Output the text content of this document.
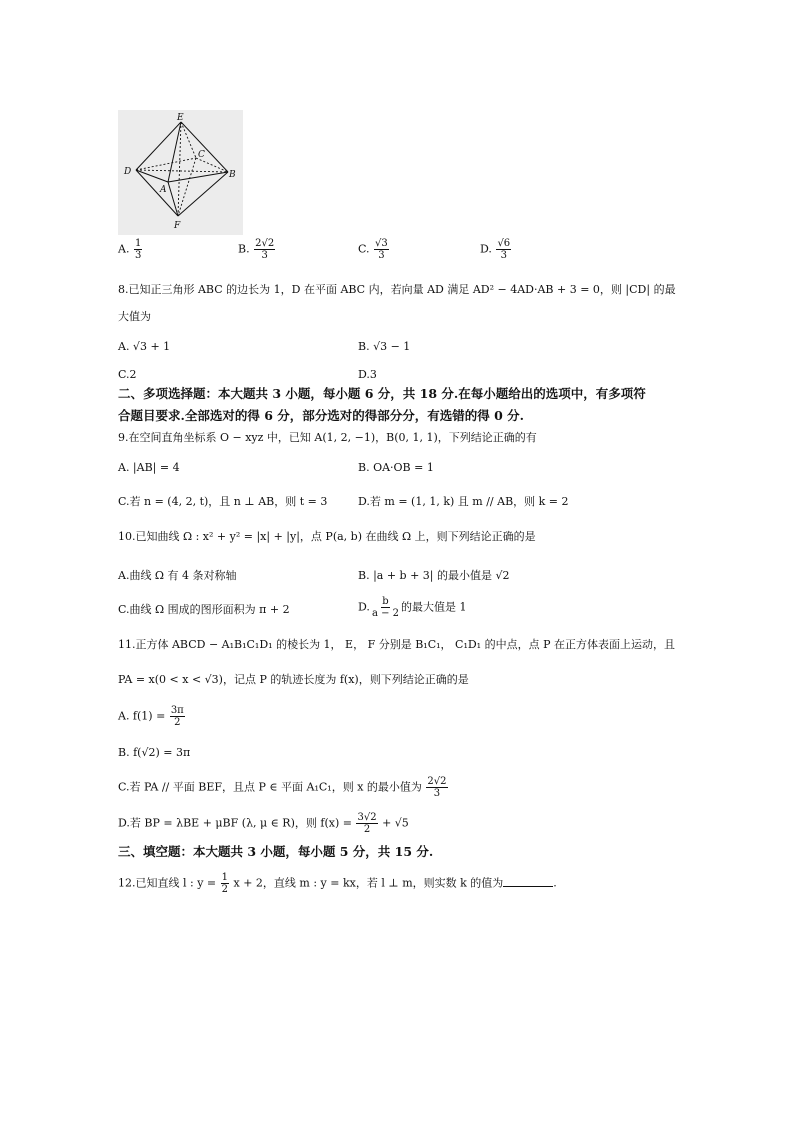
E
C
D	B
A
F
A. $\frac{1}{3}$	B. $\frac{2√2}{3}$	C. $\frac{√3}{3}$	D. $\frac{√6}{3}$
8.已知正三角形 ABC 的边长为 1，D 在平面 ABC 内，若向量 AD 满足 AD² − 4AD·AB + 3 = 0，则 |CD| 的最
大值为
A. √3 + 1	B. √3 − 1
C.2	D.3
二、多项选择题：本大题共 3 小题，每小题 6 分，共 18 分.在每小题给出的选项中，有多项符
合题目要求.全部选对的得 6 分，部分选对的得部分分，有选错的得 0 分.
9.在空间直角坐标系 O − xyz 中，已知 A(1, 2, −1)，B(0, 1, 1)，下列结论正确的有
A. |AB| = 4	B. OA·OB = 1
C.若 n = (4, 2, t)，且 n ⊥ AB，则 t = 3	D.若 m = (1, 1, k) 且 m // AB，则 k = 2
10.已知曲线 Ω : x² + y² = |x| + |y|，点 P(a, b) 在曲线 Ω 上，则下列结论正确的是
A.曲线 Ω 有 4 条对称轴	B. |a + b + 3| 的最小值是 √2
C.曲线 Ω 围成的图形面积为 π + 2	D. $\frac{b}{a - 2}$ 的最大值是 1
11.正方体 ABCD − A₁B₁C₁D₁ 的棱长为 1， E， F 分别是 B₁C₁， C₁D₁ 的中点，点 P 在正方体表面上运动，且
PA = x(0 < x < √3)，记点 P 的轨迹长度为 f(x)，则下列结论正确的是
A. $f(1) = \frac{3\pi}{2}$
B. f(√2) = 3π
C.若 PA // 平面 BEF，且点 P ∈ 平面 A₁C₁，则 x 的最小值为 $\frac{2√2}{3}$
D.若 BP = λBE + μBF (λ, μ ∈ R)，则 $f(x) = \frac{3√2}{2} + √5$
三、填空题：本大题共 3 小题，每小题 5 分，共 15 分.
12.已知直线 l : $y = \frac{1}{2}$ x + 2，直线 m : y = kx，若 l ⊥ m，则实数 k 的值为	.
